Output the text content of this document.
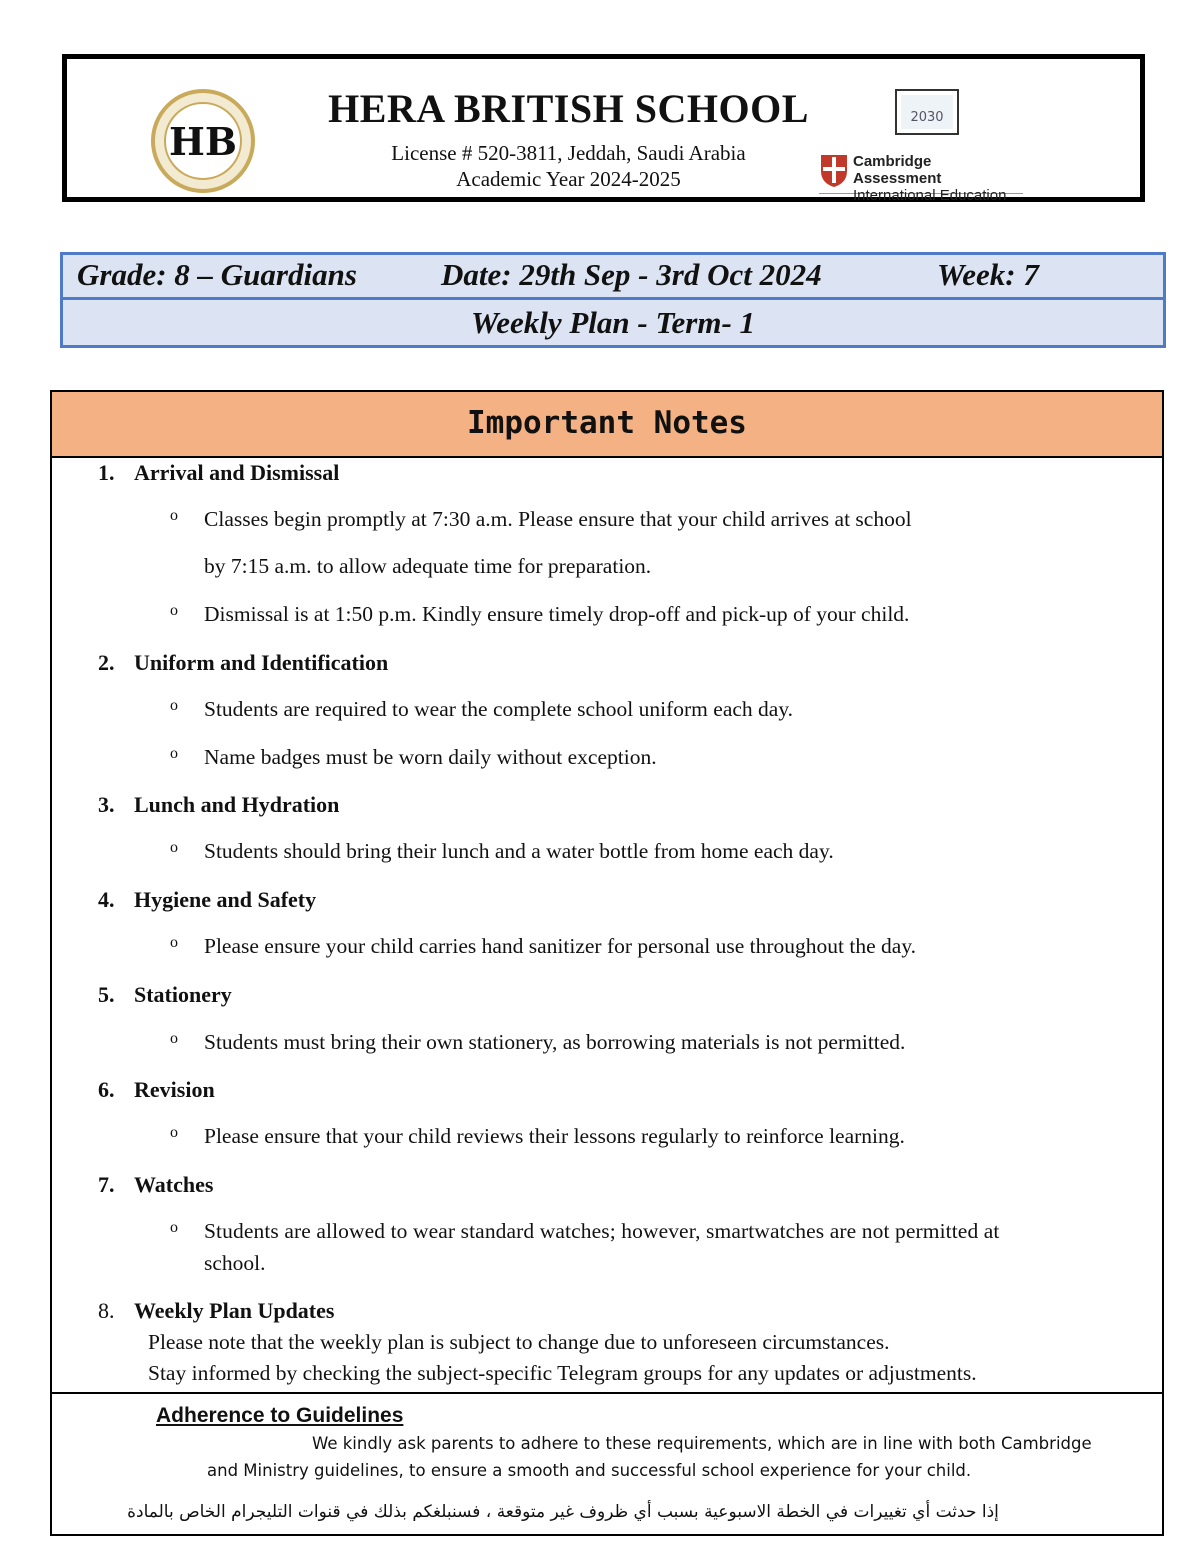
HB
HERA BRITISH SCHOOL
License # 520-3811, Jeddah, Saudi Arabia
Academic Year 2024-2025
2030
Cambridge Assessment
International Education
Grade: 8 – Guardians	Date: 29th Sep - 3rd Oct 2024	Week: 7
Weekly Plan - Term- 1
Important Notes
1. Arrival and Dismissal
o Classes begin promptly at 7:30 a.m. Please ensure that your child arrives at school
by 7:15 a.m. to allow adequate time for preparation.
o Dismissal is at 1:50 p.m. Kindly ensure timely drop-off and pick-up of your child.
2. Uniform and Identification
o Students are required to wear the complete school uniform each day.
o Name badges must be worn daily without exception.
3. Lunch and Hydration
o Students should bring their lunch and a water bottle from home each day.
4. Hygiene and Safety
o Please ensure your child carries hand sanitizer for personal use throughout the day.
5. Stationery
o Students must bring their own stationery, as borrowing materials is not permitted.
6. Revision
o Please ensure that your child reviews their lessons regularly to reinforce learning.
7. Watches
o Students are allowed to wear standard watches; however, smartwatches are not permitted at
school.
8. Weekly Plan Updates
Please note that the weekly plan is subject to change due to unforeseen circumstances.
Stay informed by checking the subject-specific Telegram groups for any updates or adjustments.
Adherence to Guidelines
We kindly ask parents to adhere to these requirements, which are in line with both Cambridge
and Ministry guidelines, to ensure a smooth and successful school experience for your child.
إذا حدثت أي تغييرات في الخطة الاسبوعية بسبب أي ظروف غير متوقعة ، فسنبلغكم بذلك في قنوات التليجرام الخاص بالمادة
